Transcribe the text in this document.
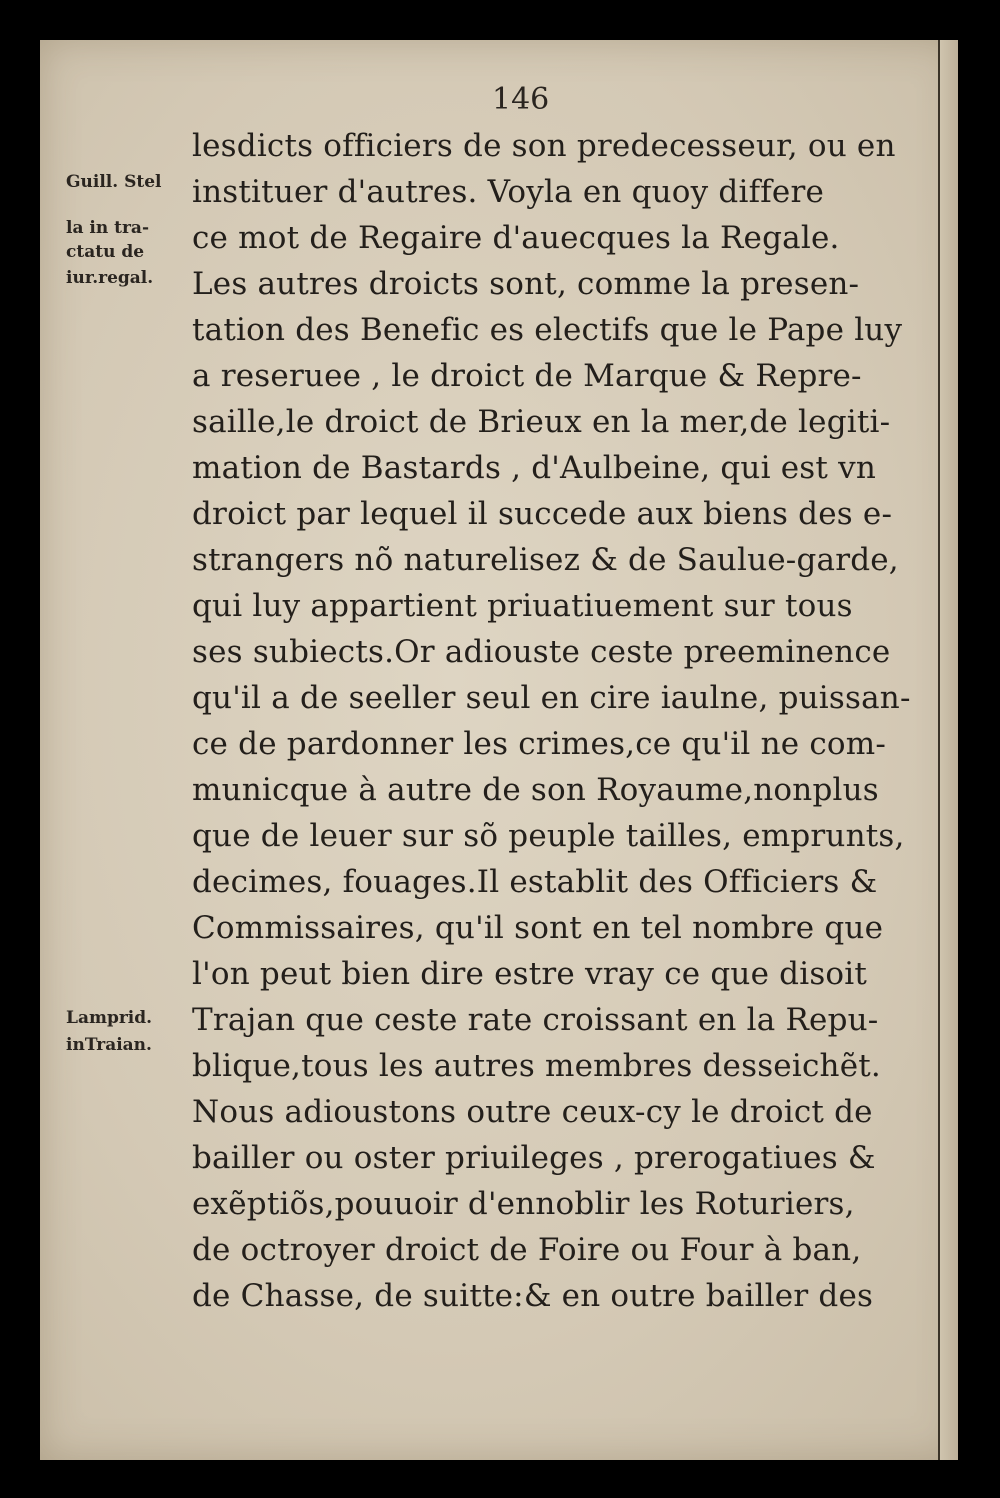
146
Guill. Stel
la in tra-
ctatu de
iur.regal.
Lamprid.
inTraian.
lesdicts officiers de son predecesseur, ou en
instituer d'autres. Voyla en quoy differe
ce mot de Regaire d'auecques la Regale.
Les autres droicts sont, comme la presen-
tation des Benefic es electifs que le Pape luy
a reseruee , le droict de Marque & Repre-
saille,le droict de Brieux en la mer,de legiti-
mation de Bastards , d'Aulbeine, qui est vn
droict par lequel il succede aux biens des e-
strangers nõ naturelisez & de Saulue-garde,
qui luy appartient priuatiuement sur tous
ses subiects.Or adiouste ceste preeminence
qu'il a de seeller seul en cire iaulne, puissan-
ce de pardonner les crimes,ce qu'il ne com-
municque à autre de son Royaume,nonplus
que de leuer sur sõ peuple tailles, emprunts,
decimes, fouages.Il establit des Officiers &
Commissaires, qu'il sont en tel nombre que
l'on peut bien dire estre vray ce que disoit
Trajan que ceste rate croissant en la Repu-
blique,tous les autres membres desseichẽt.
Nous adioustons outre ceux-cy le droict de
bailler ou oster priuileges , prerogatiues &
exẽptiõs,pouuoir d'ennoblir les Roturiers,
de octroyer droict de Foire ou Four à ban,
de Chasse, de suitte:& en outre bailler des
